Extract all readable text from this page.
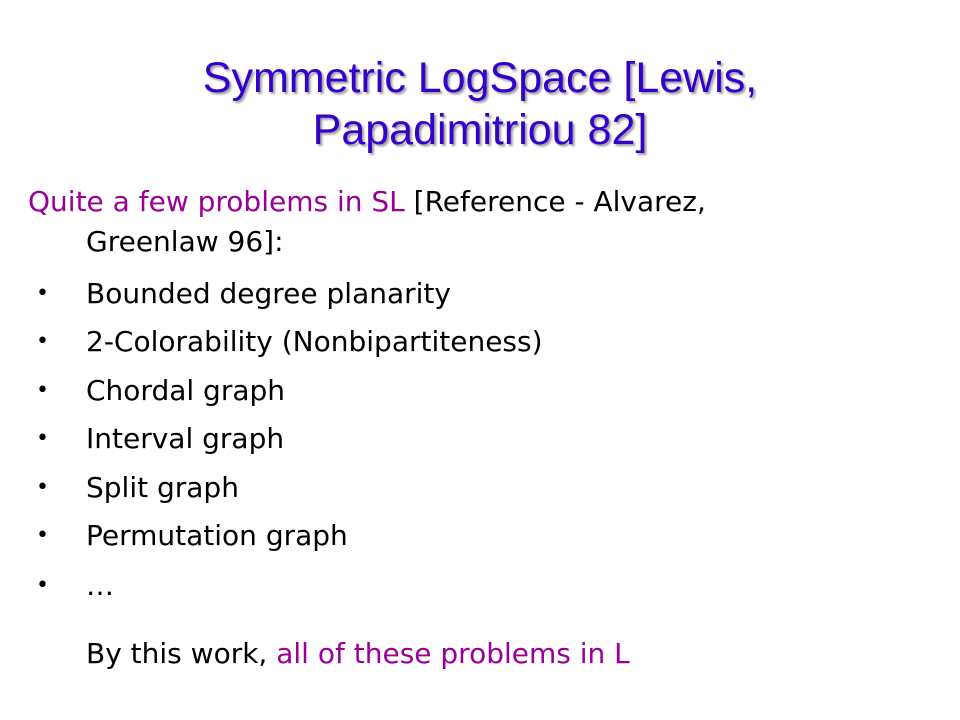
Symmetric LogSpace [Lewis,
Papadimitriou 82]
Quite a few problems in SL [Reference - Alvarez,
Greenlaw 96]:
• Bounded degree planarity
• 2-Colorability (Nonbipartiteness)
• Chordal graph
• Interval graph
• Split graph
• Permutation graph
• …
By this work, all of these problems in L
